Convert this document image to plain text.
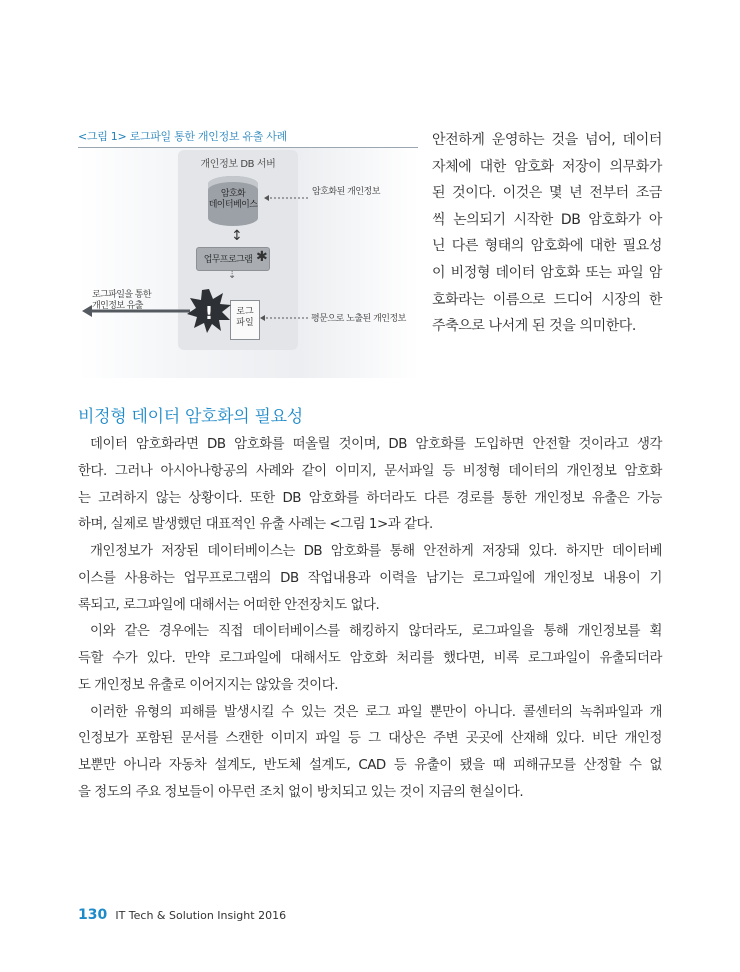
<그림 1> 로그파일 통한 개인정보 유출 사례
개인정보 DB 서버
암호화
데이터베이스
↕
업무프로그램 ✱
⇣
로그
파일
!
암호화된 개인정보
평문으로 노출된 개인정보
로그파일을 통한
개인정보 유출
안전하게 운영하는 것을 넘어, 데이터
자체에 대한 암호화 저장이 의무화가
된 것이다. 이것은 몇 년 전부터 조금
씩 논의되기 시작한 DB 암호화가 아
닌 다른 형태의 암호화에 대한 필요성
이 비정형 데이터 암호화 또는 파일 암
호화라는 이름으로 드디어 시장의 한
주축으로 나서게 된 것을 의미한다.
비정형 데이터 암호화의 필요성
데이터 암호화라면 DB 암호화를 떠올릴 것이며, DB 암호화를 도입하면 안전할 것이라고 생각
한다. 그러나 아시아나항공의 사례와 같이 이미지, 문서파일 등 비정형 데이터의 개인정보 암호화
는 고려하지 않는 상황이다. 또한 DB 암호화를 하더라도 다른 경로를 통한 개인정보 유출은 가능
하며, 실제로 발생했던 대표적인 유출 사례는 <그림 1>과 같다.
개인정보가 저장된 데이터베이스는 DB 암호화를 통해 안전하게 저장돼 있다. 하지만 데이터베
이스를 사용하는 업무프로그램의 DB 작업내용과 이력을 남기는 로그파일에 개인정보 내용이 기
록되고, 로그파일에 대해서는 어떠한 안전장치도 없다.
이와 같은 경우에는 직접 데이터베이스를 해킹하지 않더라도, 로그파일을 통해 개인정보를 획
득할 수가 있다. 만약 로그파일에 대해서도 암호화 처리를 했다면, 비록 로그파일이 유출되더라
도 개인정보 유출로 이어지지는 않았을 것이다.
이러한 유형의 피해를 발생시킬 수 있는 것은 로그 파일 뿐만이 아니다. 콜센터의 녹취파일과 개
인정보가 포함된 문서를 스캔한 이미지 파일 등 그 대상은 주변 곳곳에 산재해 있다. 비단 개인정
보뿐만 아니라 자동차 설계도, 반도체 설계도, CAD 등 유출이 됐을 때 피해규모를 산정할 수 없
을 정도의 주요 정보들이 아무런 조치 없이 방치되고 있는 것이 지금의 현실이다.
130 IT Tech & Solution Insight 2016
